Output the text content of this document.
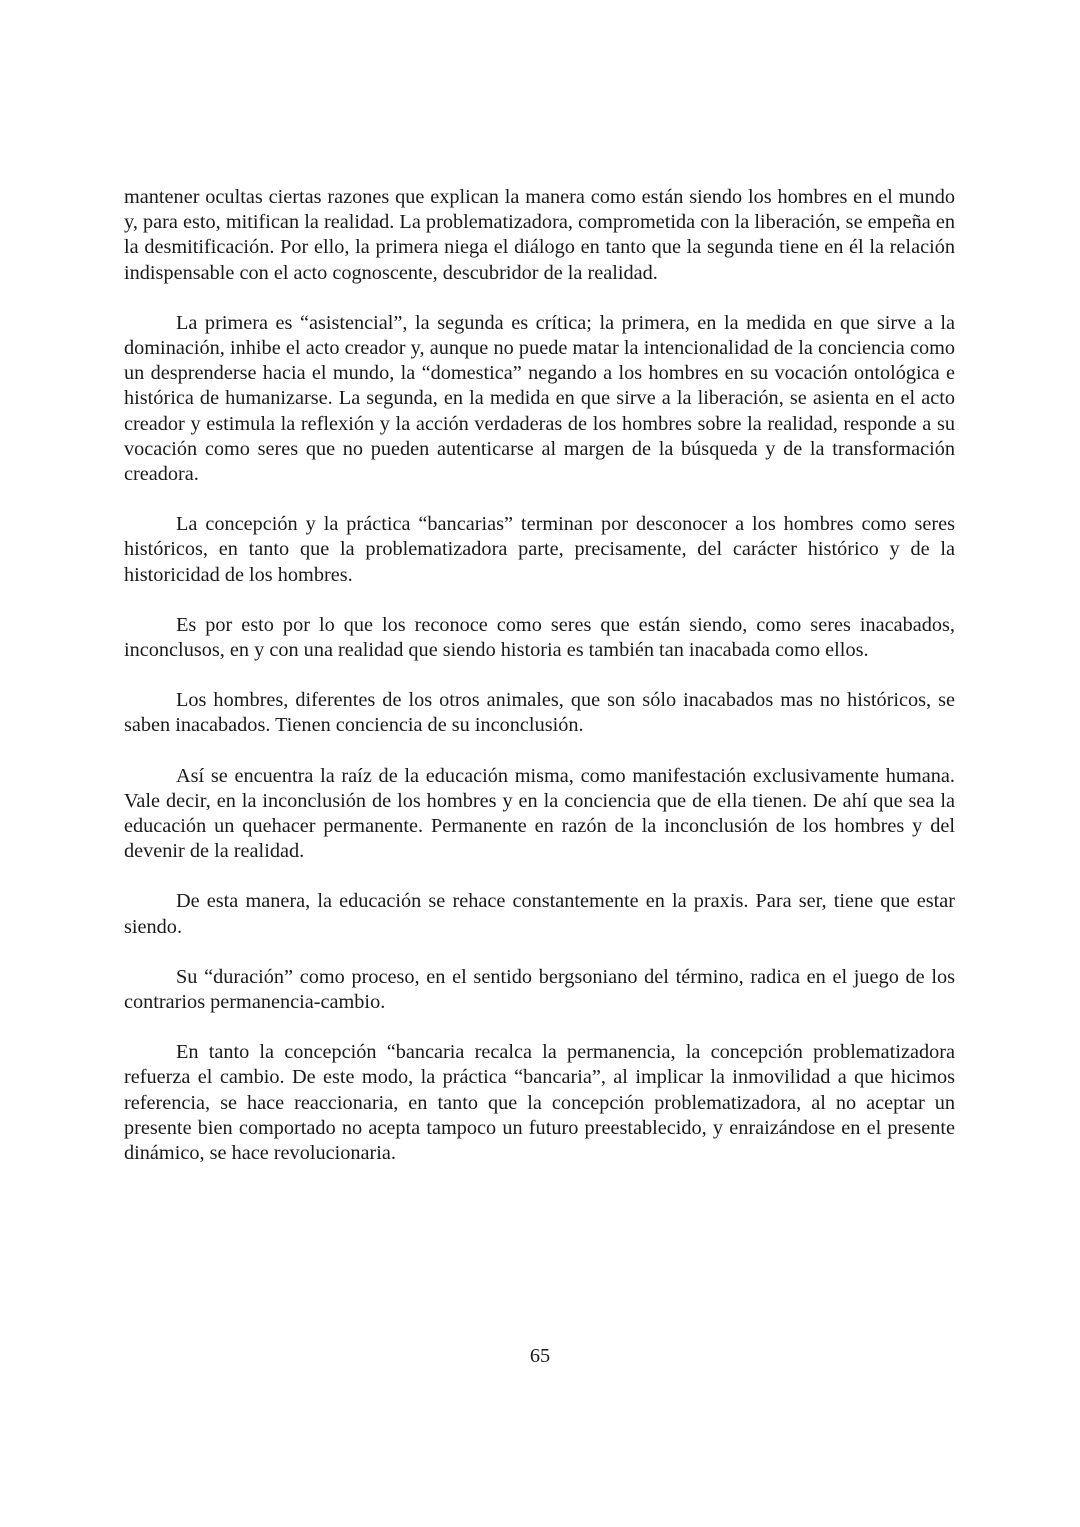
mantener ocultas ciertas razones que explican la manera como están siendo los hombres en el mundo y, para esto, mitifican la realidad. La problematizadora, comprometida con la liberación, se empeña en la desmitificación. Por ello, la primera niega el diálogo en tanto que la segunda tiene en él la relación indispensable con el acto cognoscente, descubridor de la realidad.

La primera es “asistencial”, la segunda es crítica; la primera, en la medida en que sirve a la dominación, inhibe el acto creador y, aunque no puede matar la intencionalidad de la conciencia como un desprenderse hacia el mundo, la “domestica” negando a los hombres en su vocación ontológica e histórica de humanizarse. La segunda, en la medida en que sirve a la liberación, se asienta en el acto creador y estimula la reflexión y la acción verdaderas de los hombres sobre la realidad, responde a su vocación como seres que no pueden autenticarse al margen de la búsqueda y de la transformación creadora.

La concepción y la práctica “bancarias” terminan por desconocer a los hombres como seres históricos, en tanto que la problematizadora parte, precisamente, del carácter histórico y de la historicidad de los hombres.

Es por esto por lo que los reconoce como seres que están siendo, como seres inacabados, inconclusos, en y con una realidad que siendo historia es también tan inacabada como ellos.

Los hombres, diferentes de los otros animales, que son sólo inacabados mas no históricos, se saben inacabados. Tienen conciencia de su inconclusión.

Así se encuentra la raíz de la educación misma, como manifestación exclusivamente humana. Vale decir, en la inconclusión de los hombres y en la conciencia que de ella tienen. De ahí que sea la educación un quehacer permanente. Permanente en razón de la inconclusión de los hombres y del devenir de la realidad.

De esta manera, la educación se rehace constantemente en la praxis. Para ser, tiene que estar siendo.

Su “duración” como proceso, en el sentido bergsoniano del término, radica en el juego de los contrarios permanencia-cambio.

En tanto la concepción “bancaria recalca la permanencia, la concepción problematizadora refuerza el cambio. De este modo, la práctica “bancaria”, al implicar la inmovilidad a que hicimos referencia, se hace reaccionaria, en tanto que la concepción problematizadora, al no aceptar un presente bien comportado no acepta tampoco un futuro preestablecido, y enraizándose en el presente dinámico, se hace revolucionaria.

65
